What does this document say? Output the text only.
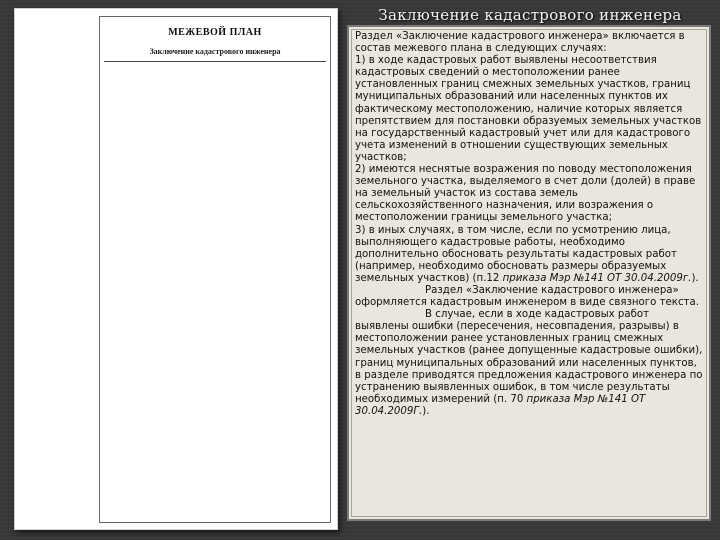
МЕЖЕВОЙ ПЛАН
Заключение кадастрового инженера
Заключение кадастрового инженера

Раздел «Заключение кадастрового инженера» включается в состав межевого плана в следующих случаях:

1) в ходе кадастровых работ выявлены несоответствия кадастровых сведений о местоположении ранее установленных границ смежных земельных участков, границ муниципальных образований или населенных пунктов их фактическому местоположению, наличие которых является препятствием для постановки образуемых земельных участков на государственный кадастровый учет или для кадастрового учета изменений в отношении существующих земельных участков;

2) имеются неснятые возражения по поводу местоположения земельного участка, выделяемого в счет доли (долей) в праве на земельный участок из состава земель сельскохозяйственного назначения, или возражения о местоположении границы земельного участка;

3) в иных случаях, в том числе, если по усмотрению лица, выполняющего кадастровые работы, необходимо дополнительно обосновать результаты кадастровых работ (например, необходимо обосновать размеры образуемых земельных участков) (п.12 приказа Мэр №141 ОТ 30.04.2009г.).

Раздел «Заключение кадастрового инженера» оформляется кадастровым инженером в виде связного текста.

В случае, если в ходе кадастровых работ выявлены ошибки (пересечения, несовпадения, разрывы) в местоположении ранее установленных границ смежных земельных участков (ранее допущенные кадастровые ошибки), границ муниципальных образований или населенных пунктов, в разделе приводятся предложения кадастрового инженера по устранению выявленных ошибок, в том числе результаты необходимых измерений (п. 70 приказа Мэр №141 ОТ 30.04.2009Г.).
